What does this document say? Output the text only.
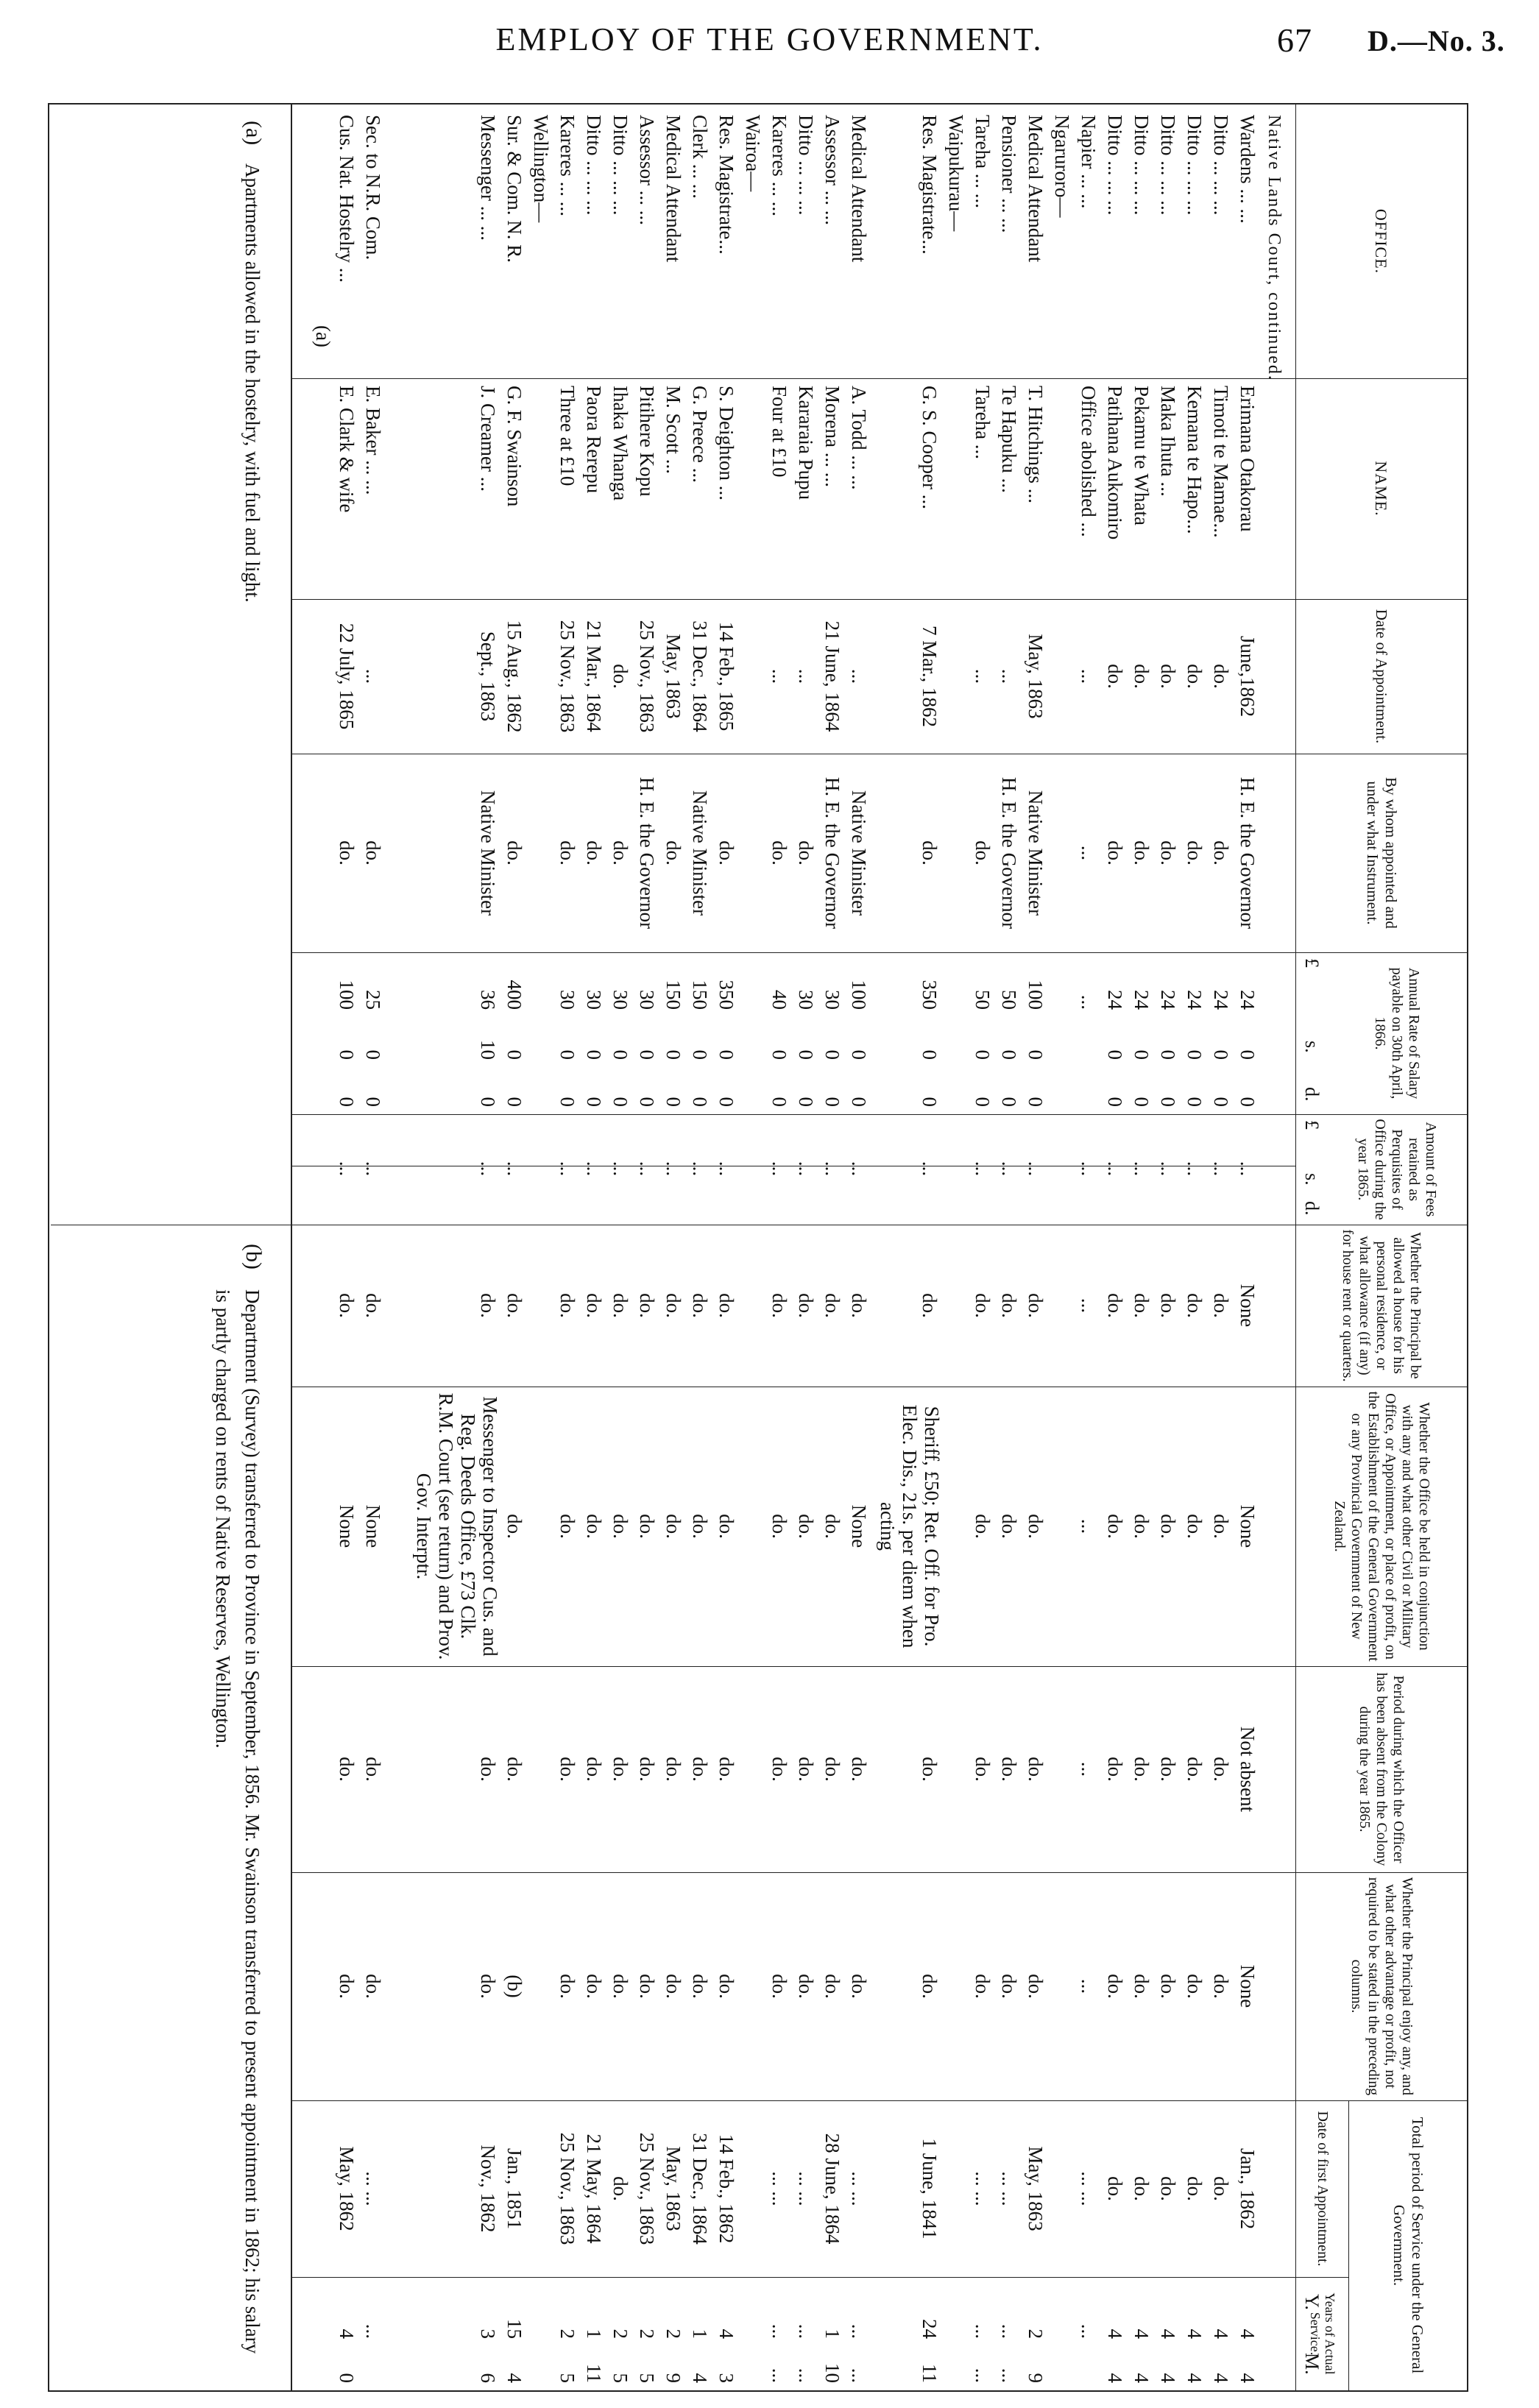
EMPLOY OF THE GOVERNMENT.	67 D.—No. 3.
OFFICE.
NAME.
Date of Appointment.
By whom appointed and under what Instrument.
Annual Rate of Salary payable on 30th April, 1866.
Amount of Fees retained as Perquisites of Office during the year 1865.
Whether the Principal be allowed a house for his personal residence, or what allowance (if any) for house rent or quarters.
Whether the Office be held in conjunction with any and what other Civil or Military Office, or Appointment, or place of profit, on the Establishment of the General Government or any Provincial Government of New Zealand.
Period during which the Officer has been absent from the Colony during the year 1865.
Whether the Principal enjoy any, and what other advantage or profit, not required to be stated in the preceding columns.
Total period of Service under the General Government.
Date of first Appointment.
Years of Actual Service.
£
s.
d.
£
s.
d.
Y.
M.
Native Lands Court, continued.
Wardens ... ...
Erimana Otakorau
June,1862
H. E. the Governor
24
0
0
...
None
None
Not absent
None
Jan., 1862
4
4
Ditto ... ... ...
Timoti te Mamae...
do.
do.
24
0
0
...
do.
do.
do.
do.
do.
4
4
Ditto ... ... ...
Kemana te Hapo...
do.
do.
24
0
0
...
do.
do.
do.
do.
do.
4
4
Ditto ... ... ...
Maka Ihuta ...
do.
do.
24
0
0
...
do.
do.
do.
do.
do.
4
4
Ditto ... ... ...
Pekamu te Whata
do.
do.
24
0
0
...
do.
do.
do.
do.
do.
4
4
Ditto ... ... ...
Patihana Aukomiro
do.
do.
24
0
0
...
do.
do.
do.
do.
do.
4
4
Napier ... ...
Office abolished ...
...
...
...
...
...
...
...
...
... ...
...
Ngaruroro—
Medical Attendant
T. Hitchings ...
May, 1863
Native Minister
100
0
0
...
do.
do.
do.
do.
May, 1863
2
9
Pensioner ... ...
Te Hapuku ...
...
H. E. the Governor
50
0
0
...
do.
do.
do.
do.
... ...
...
...
Tareha ... ...
Tareha ...
...
do.
50
0
0
...
do.
do.
do.
do.
... ...
...
...
Waipukurau—
Res. Magistrate...
G. S. Cooper ...
7 Mar., 1862
do.
350
0
0
...
do.
Sheriff, £50; Ret. Off. for Pro. Elec. Dis., 21s. per diem when acting
do.
do.
1 June, 1841
24
11
Medical Attendant
A. Todd ... ...
...
Native Minister
100
0
0
...
do.
None
do.
do.
... ...
...
...
Assessor ... ...
Morena ... ...
21 June, 1864
H. E. the Governor
30
0
0
...
do.
do.
do.
do.
28 June, 1864
1
10
Ditto ... ... ...
Kararaia Pupu
...
do.
30
0
0
...
do.
do.
do.
do.
... ...
...
...
Kareres ... ...
Four at £10
...
do.
40
0
0
...
do.
do.
do.
do.
... ...
...
...
Wairoa—
Res. Magistrate...
S. Deighton ...
14 Feb., 1865
do.
350
0
0
...
do.
do.
do.
do.
14 Feb., 1862
4
3
Clerk ... ...
G. Preece ...
31 Dec., 1864
Native Minister
150
0
0
...
do.
do.
do.
do.
31 Dec., 1864
1
4
Medical Attendant
M. Scott ...
May, 1863
do.
150
0
0
...
do.
do.
do.
do.
May, 1863
2
9
Assessor ... ...
Pitihere Kopu
25 Nov., 1863
H. E. the Governor
30
0
0
...
do.
do.
do.
do.
25 Nov., 1863
2
5
Ditto ... ... ...
Ihaka Whanga
do.
do.
30
0
0
...
do.
do.
do.
do.
do.
2
5
Ditto ... ... ...
Paora Rerepu
21 Mar., 1864
do.
30
0
0
...
do.
do.
do.
do.
21 May, 1864
1
11
Kareres ... ...
Three at £10
25 Nov., 1863
do.
30
0
0
...
do.
do.
do.
do.
25 Nov., 1863
2
5
Wellington—
Sur. & Com. N. R.
G. F. Swainson
15 Aug., 1862
do.
400
0
0
...
do.
do.
do.
(b)
Jan., 1851
15
4
Messenger ... ...
J. Creamer ...
Sept., 1863
Native Minister
36
10
0
...
do.
Messenger to Inspector Cus. and Reg. Deeds Office, £73 Clk. R.M. Court (see return) and Prov. Gov. Interptr.
do.
do.
Nov., 1862
3
6
Sec. to N.R. Com.
E. Baker ... ...
...
do.
25
0
0
...
do.
None
do.
do.
... ...
...
Cus. Nat. Hostelry ...
E. Clark & wife
22 July, 1865
do.
100
0
0
...
do.
None
do.
do.
May, 1862
4
0
(a)
(a)
Apartments allowed in the hostelry, with fuel and light.
(b)
Department (Survey) transferred to Province in September, 1856. Mr. Swainson transferred to present appointment in 1862; his salary is partly charged on rents of Native Reserves, Wellington.
